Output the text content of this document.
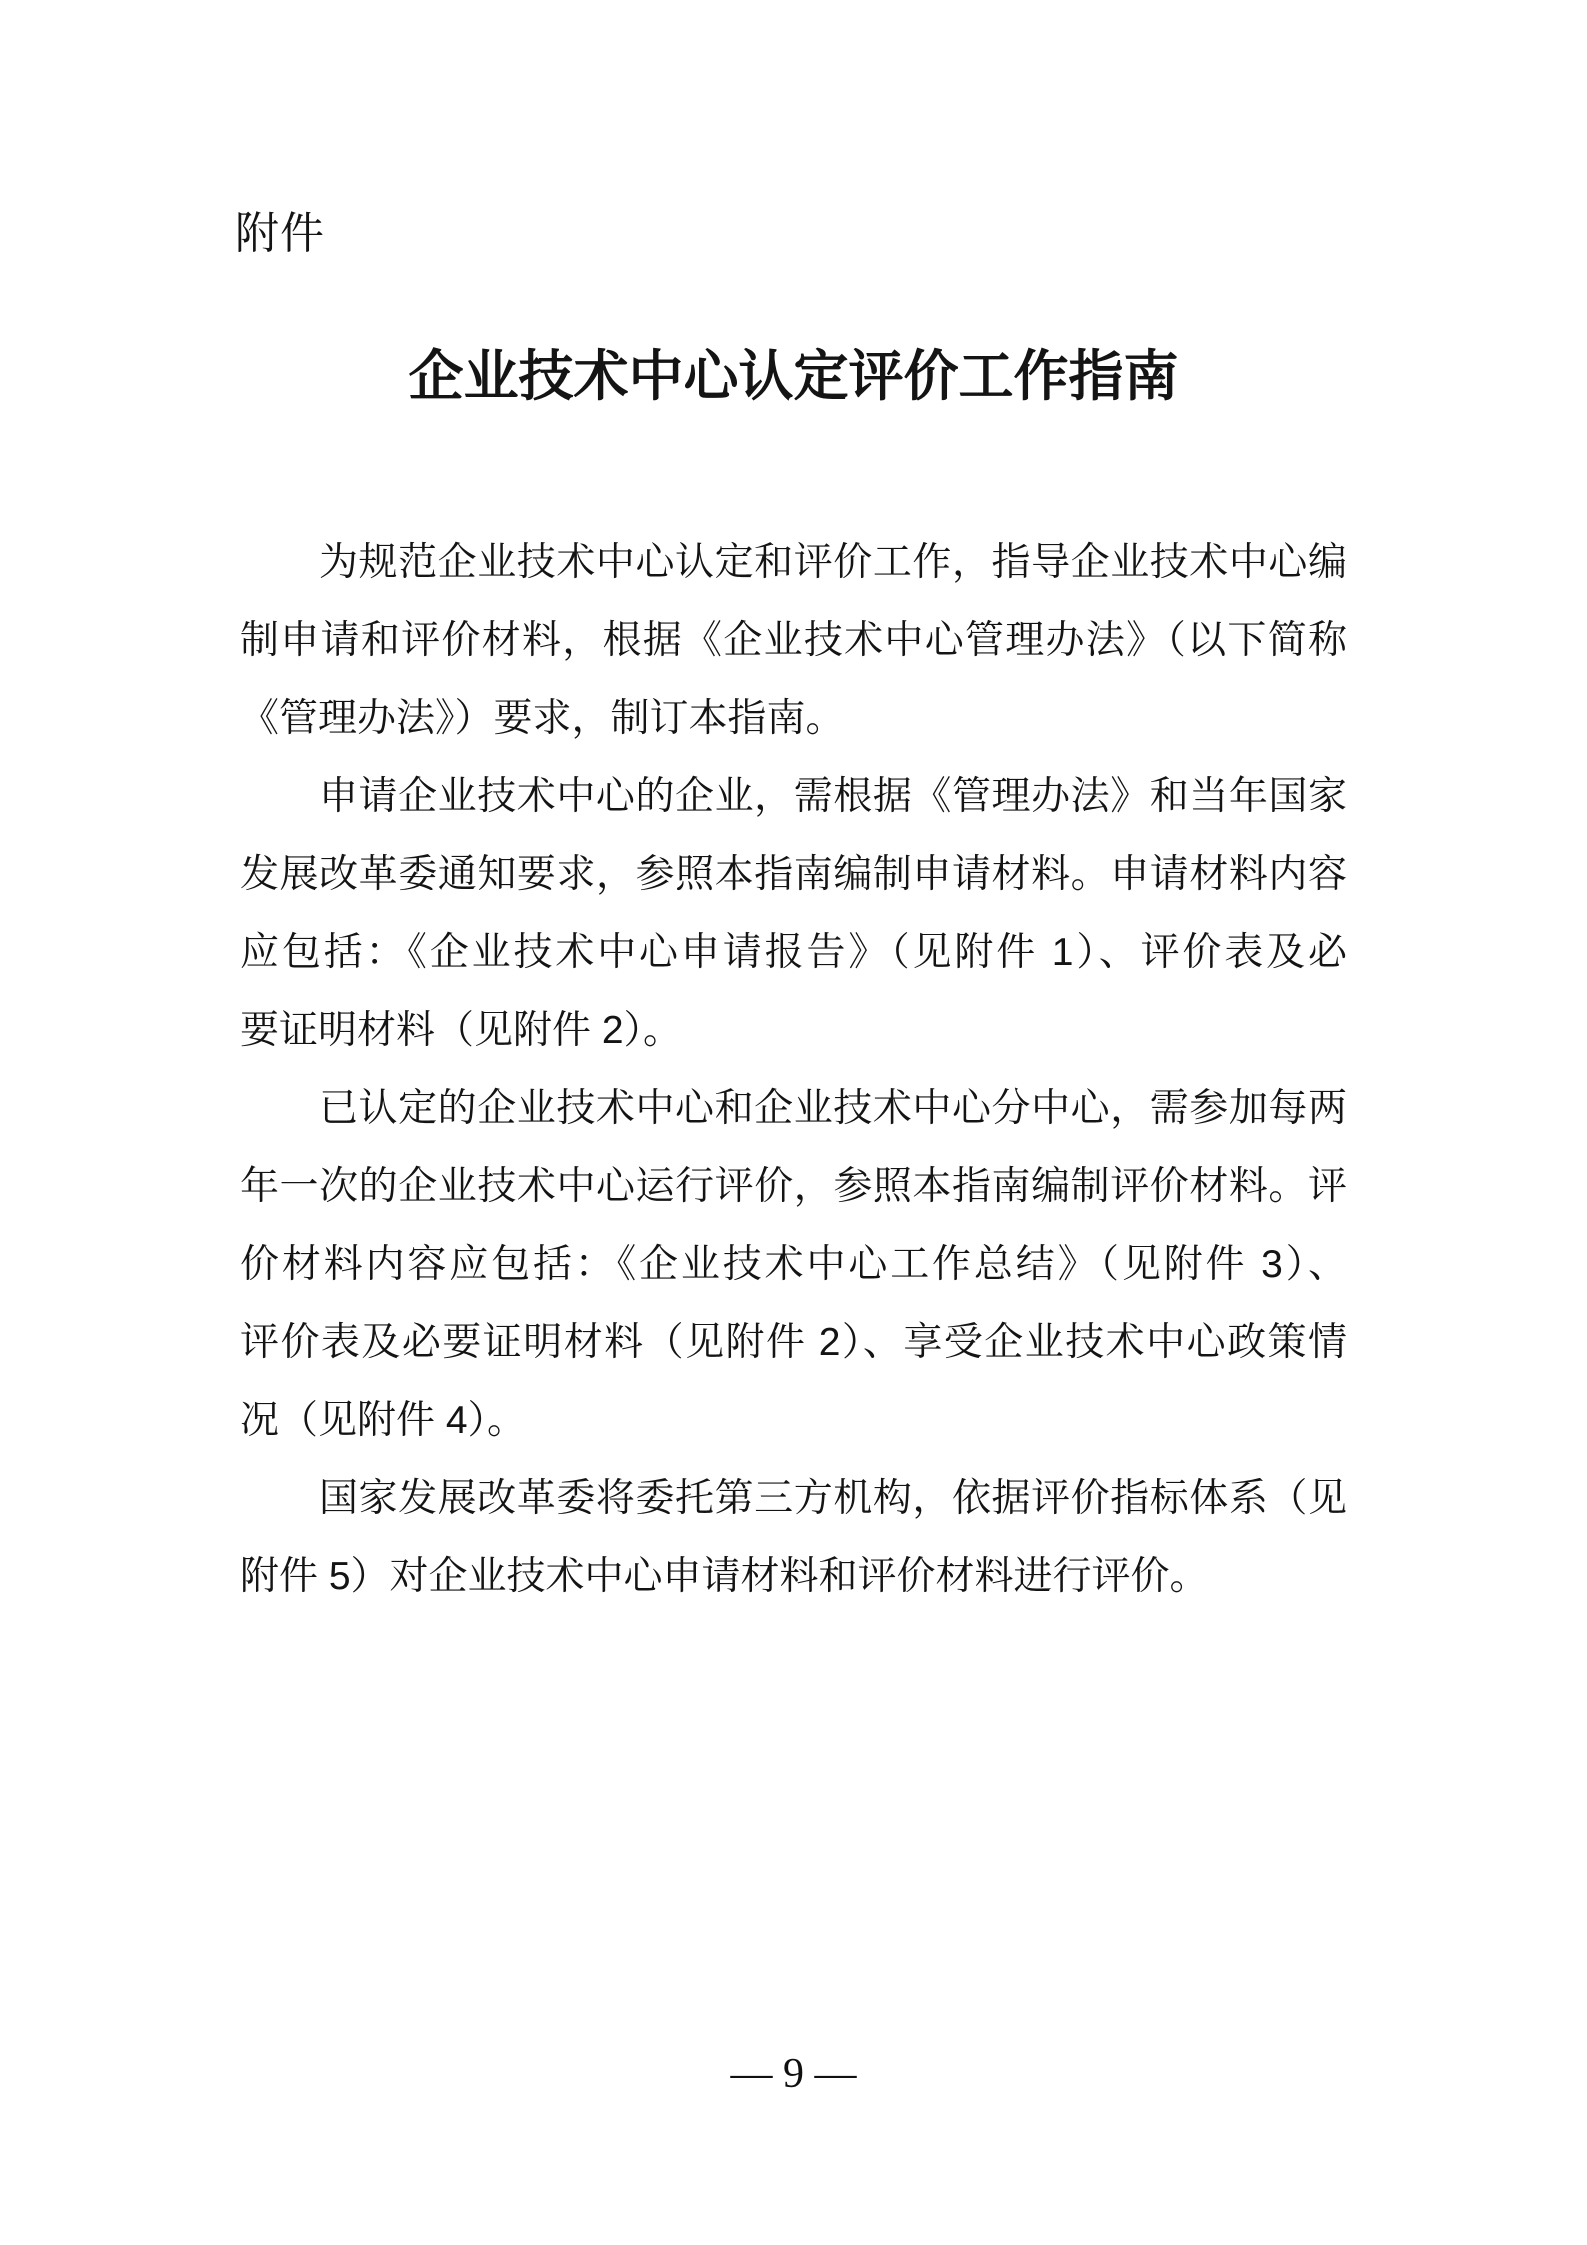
附件
企业技术中心认定评价工作指南
为规范企业技术中心认定和评价工作，指导企业技术中心编
制申请和评价材料，根据《企业技术中心管理办法》（以下简称
《管理办法》）要求，制订本指南。
申请企业技术中心的企业，需根据《管理办法》和当年国家
发展改革委通知要求，参照本指南编制申请材料。申请材料内容
应包括：《企业技术中心申请报告》（见附件 1）、评价表及必
要证明材料（见附件 2）。
已认定的企业技术中心和企业技术中心分中心，需参加每两
年一次的企业技术中心运行评价，参照本指南编制评价材料。评
价材料内容应包括：《企业技术中心工作总结》（见附件 3）、
评价表及必要证明材料（见附件 2）、享受企业技术中心政策情
况（见附件 4）。
国家发展改革委将委托第三方机构，依据评价指标体系（见
附件 5）对企业技术中心申请材料和评价材料进行评价。
— 9 —
